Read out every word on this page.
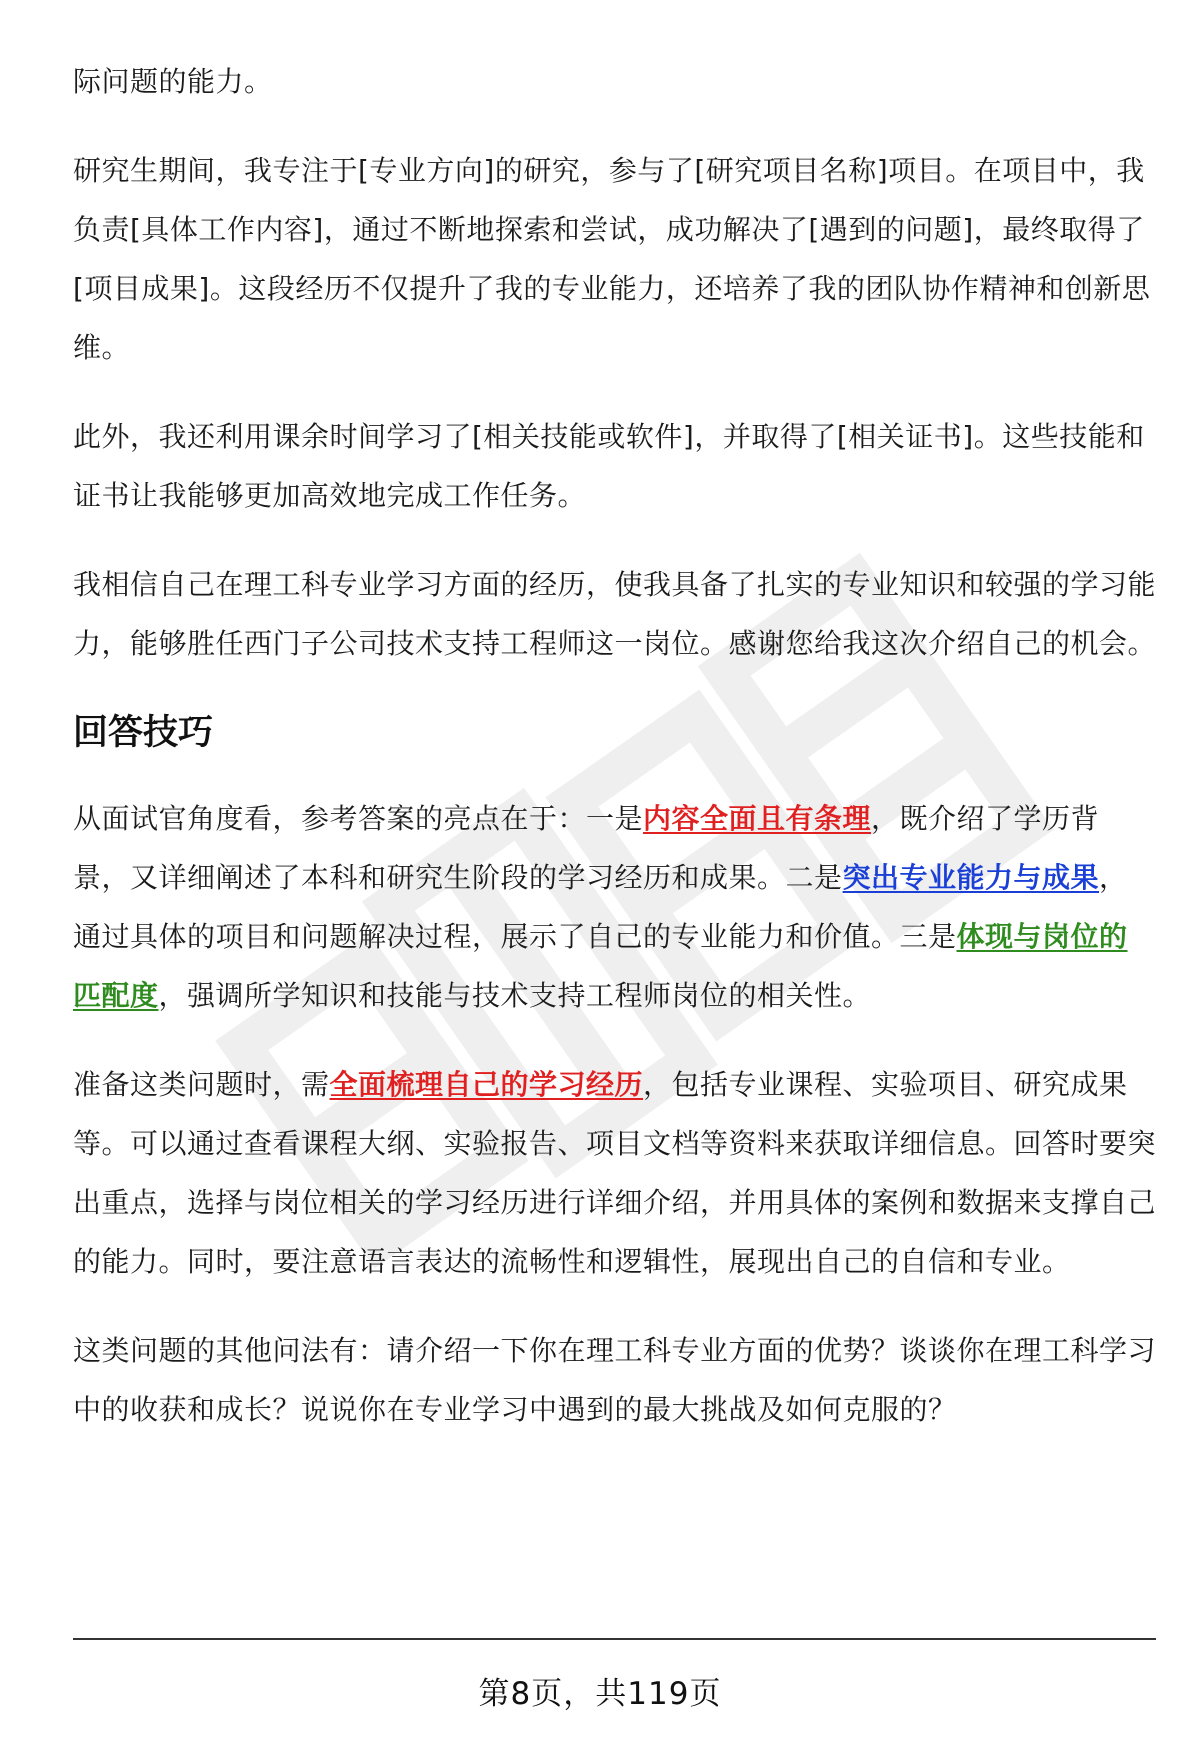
际问题的能力。

研究生期间，我专注于[专业方向]的研究，参与了[研究项目名称]项目。在项目中，我负责[具体工作内容]，通过不断地探索和尝试，成功解决了[遇到的问题]，最终取得了[项目成果]。这段经历不仅提升了我的专业能力，还培养了我的团队协作精神和创新思维。

此外，我还利用课余时间学习了[相关技能或软件]，并取得了[相关证书]。这些技能和证书让我能够更加高效地完成工作任务。

我相信自己在理工科专业学习方面的经历，使我具备了扎实的专业知识和较强的学习能力，能够胜任西门子公司技术支持工程师这一岗位。感谢您给我这次介绍自己的机会。

回答技巧

从面试官角度看，参考答案的亮点在于：一是内容全面且有条理，既介绍了学历背景，又详细阐述了本科和研究生阶段的学习经历和成果。二是突出专业能力与成果，通过具体的项目和问题解决过程，展示了自己的专业能力和价值。三是体现与岗位的匹配度，强调所学知识和技能与技术支持工程师岗位的相关性。

准备这类问题时，需全面梳理自己的学习经历，包括专业课程、实验项目、研究成果等。可以通过查看课程大纲、实验报告、项目文档等资料来获取详细信息。回答时要突出重点，选择与岗位相关的学习经历进行详细介绍，并用具体的案例和数据来支撑自己的能力。同时，要注意语言表达的流畅性和逻辑性，展现出自己的自信和专业。

这类问题的其他问法有：请介绍一下你在理工科专业方面的优势？谈谈你在理工科学习中的收获和成长？说说你在专业学习中遇到的最大挑战及如何克服的？

第8页，共119页
